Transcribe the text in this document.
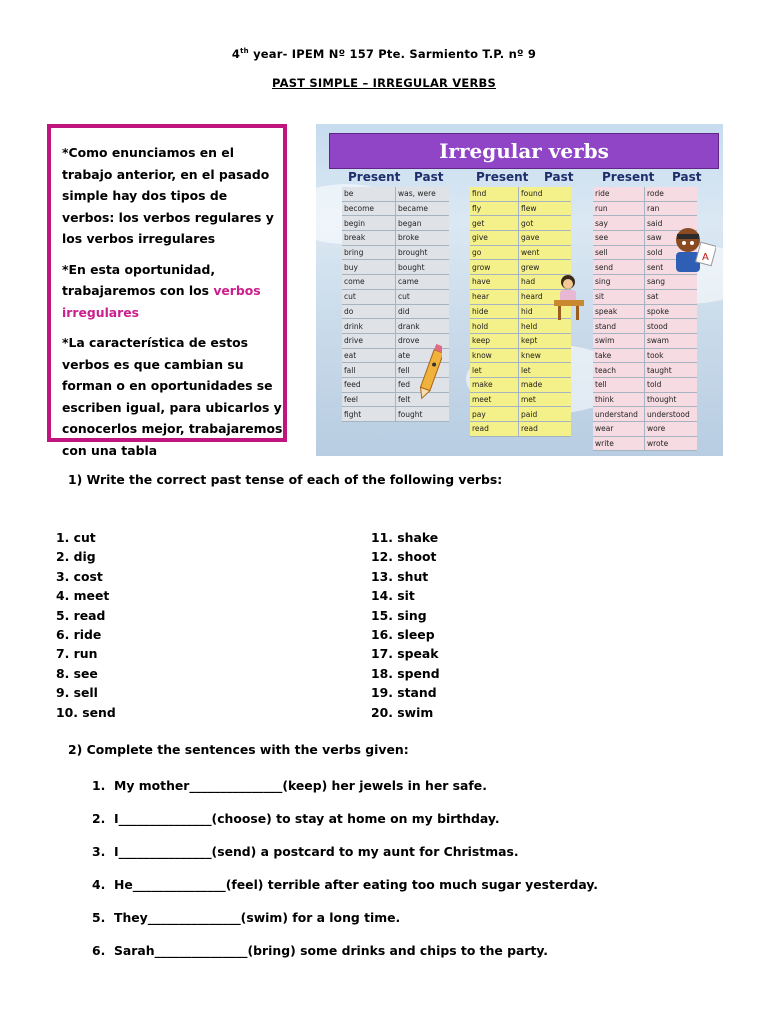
4th year- IPEM Nº 157 Pte. Sarmiento T.P. nº 9
PAST SIMPLE – IRREGULAR VERBS

*Como enunciamos en el trabajo anterior, en el pasado simple hay dos tipos de verbos: los verbos regulares y los verbos irregulares

*En esta oportunidad, trabajaremos con los verbos irregulares

*La característica de estos verbos es que cambian su forman o en oportunidades se escriben igual, para ubicarlos y conocerlos mejor, trabajaremos con una tabla

Irregular verbs
Present Past	Present Past Present Past
be	was, were
become	became
begin	began
break	broke
bring	brought
buy	bought
come	came
cut	cut
do	did
drink	drank
drive	drove
eat	ate
fall	fell
feed	fed
feel	felt
fight	fought
find	found
fly	flew
get	got
give	gave
go	went
grow	grew
have	had
hear	heard
hide	hid
hold	held
keep	kept
know	knew
let	let
make	made
meet	met
pay	paid
read	read
ride	rode
run	ran
say	said
see	saw
sell	sold
send	sent
sing	sang
sit	sat
speak	spoke
stand	stood
swim	swam
take	took
teach	taught
tell	told
think	thought
understand	understood
wear	wore
write	wrote
A
1) Write the correct past tense of each of the following verbs:
1. cut
2. dig
3. cost
4. meet
5. read
6. ride
7. run
8. see
9. sell
10. send
11. shake
12. shoot
13. shut
14. sit
15. sing
16. sleep
17. speak
18. spend
19. stand
20. swim
2) Complete the sentences with the verbs given:
1. My mother_______________(keep) her jewels in her safe.
2. I_______________(choose) to stay at home on my birthday.
3. I_______________(send) a postcard to my aunt for Christmas.
4. He_______________(feel) terrible after eating too much sugar yesterday.
5. They_______________(swim) for a long time.
6. Sarah_______________(bring) some drinks and chips to the party.
